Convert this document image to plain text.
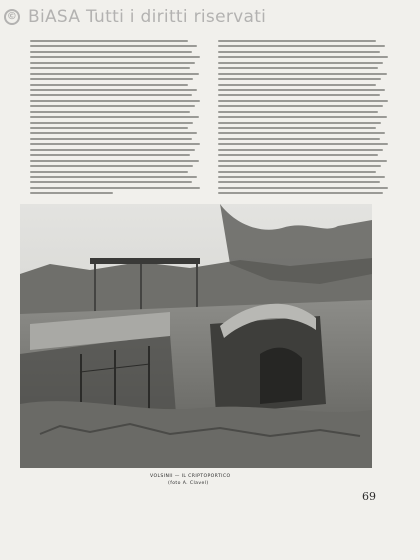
© BiASA Tutti i diritti riservati
VOLSINII — IL CRIPTOPORTICO
(foto A. Clavel)
69
